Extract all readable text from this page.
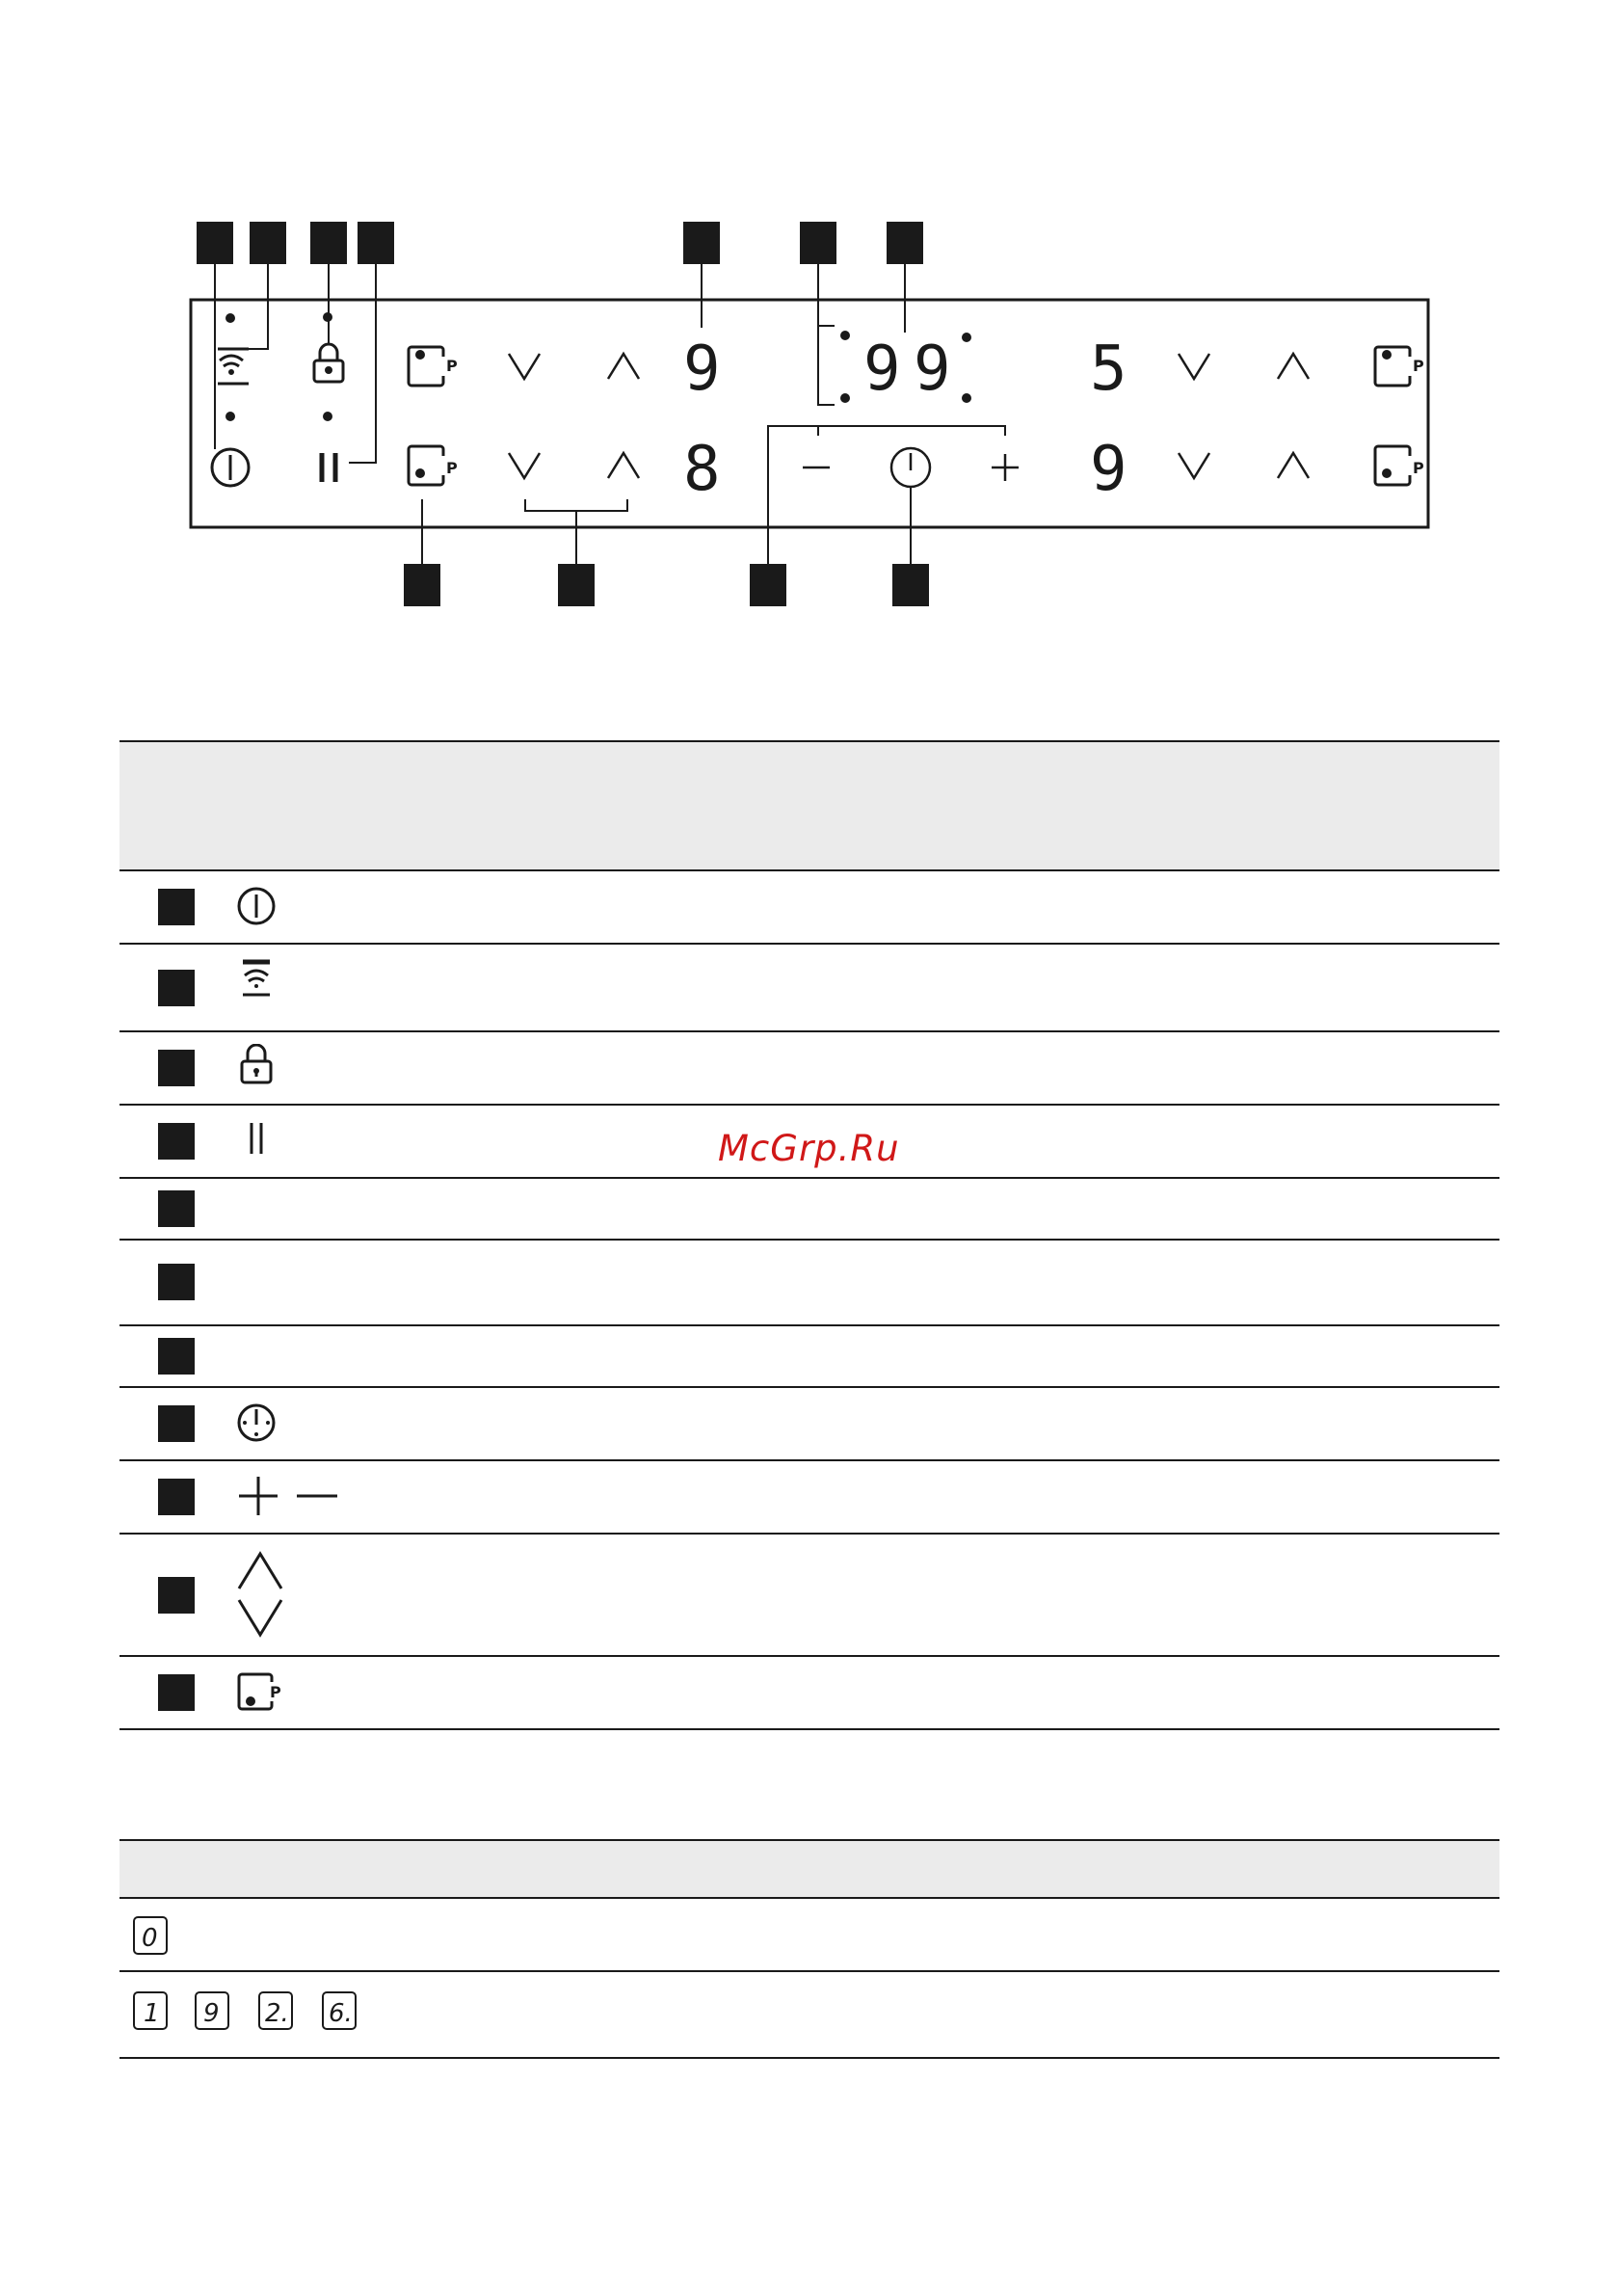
P
P
P
P
9
8
9 9 5
9
P
McGrp.Ru
0
1 9 2. 6.
